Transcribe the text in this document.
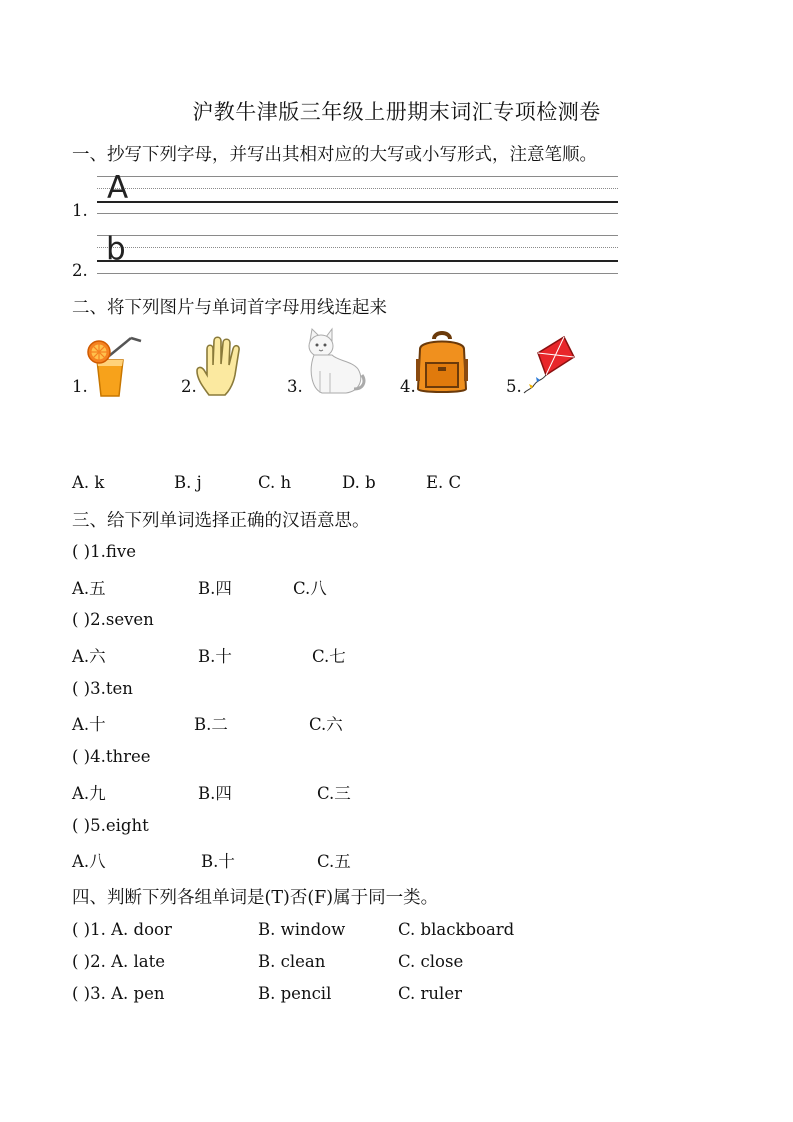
沪教牛津版三年级上册期末词汇专项检测卷
一、抄写下列字母，并写出其相对应的大写或小写形式，注意笔顺。
A
1.
b
2.
二、将下列图片与单词首字母用线连起来
1.	2.	3.	4.	5.
A. k	B. j	C. h	D. b	E. C
三、给下列单词选择正确的汉语意思。
( )1.five
A.五	B.四	C.八
( )2.seven
A.六	B.十	C.七
( )3.ten
A.十	B.二	C.六
( )4.three
A.九	B.四	C.三
( )5.eight
A.八	B.十	C.五
四、判断下列各组单词是(T)否(F)属于同一类。
( )1. A. door	B. window	C. blackboard
( )2. A. late	B. clean	C. close
( )3. A. pen	B. pencil	C. ruler
